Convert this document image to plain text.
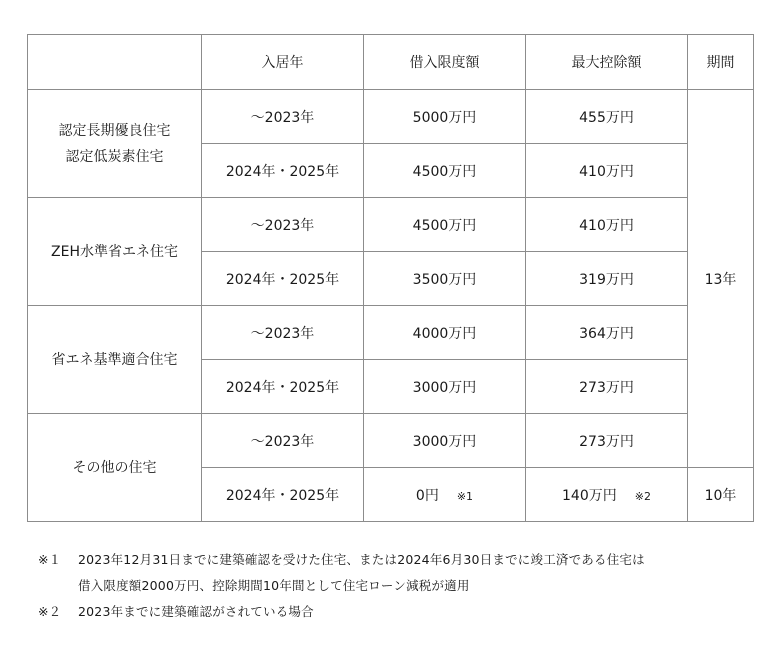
	入居年	借入限度額	最大控除額	期間

認定長期優良住宅
認定低炭素住宅	～2023年	5000万円	455万円	13年
	2024年・2025年	4500万円	410万円	

ZEH水準省エネ住宅	～2023年	4500万円	410万円	
	2024年・2025年	3500万円	319万円	

省エネ基準適合住宅	～2023年	4000万円	364万円	
	2024年・2025年	3000万円	273万円	

その他の住宅	～2023年	3000万円	273万円	
	2024年・2025年	0円 ※1	140万円 ※2	10年
※１ 2023年12月31日までに建築確認を受けた住宅、または2024年6月30日までに竣工済である住宅は
借入限度額2000万円、控除期間10年間として住宅ローン減税が適用
※２ 2023年までに建築確認がされている場合
